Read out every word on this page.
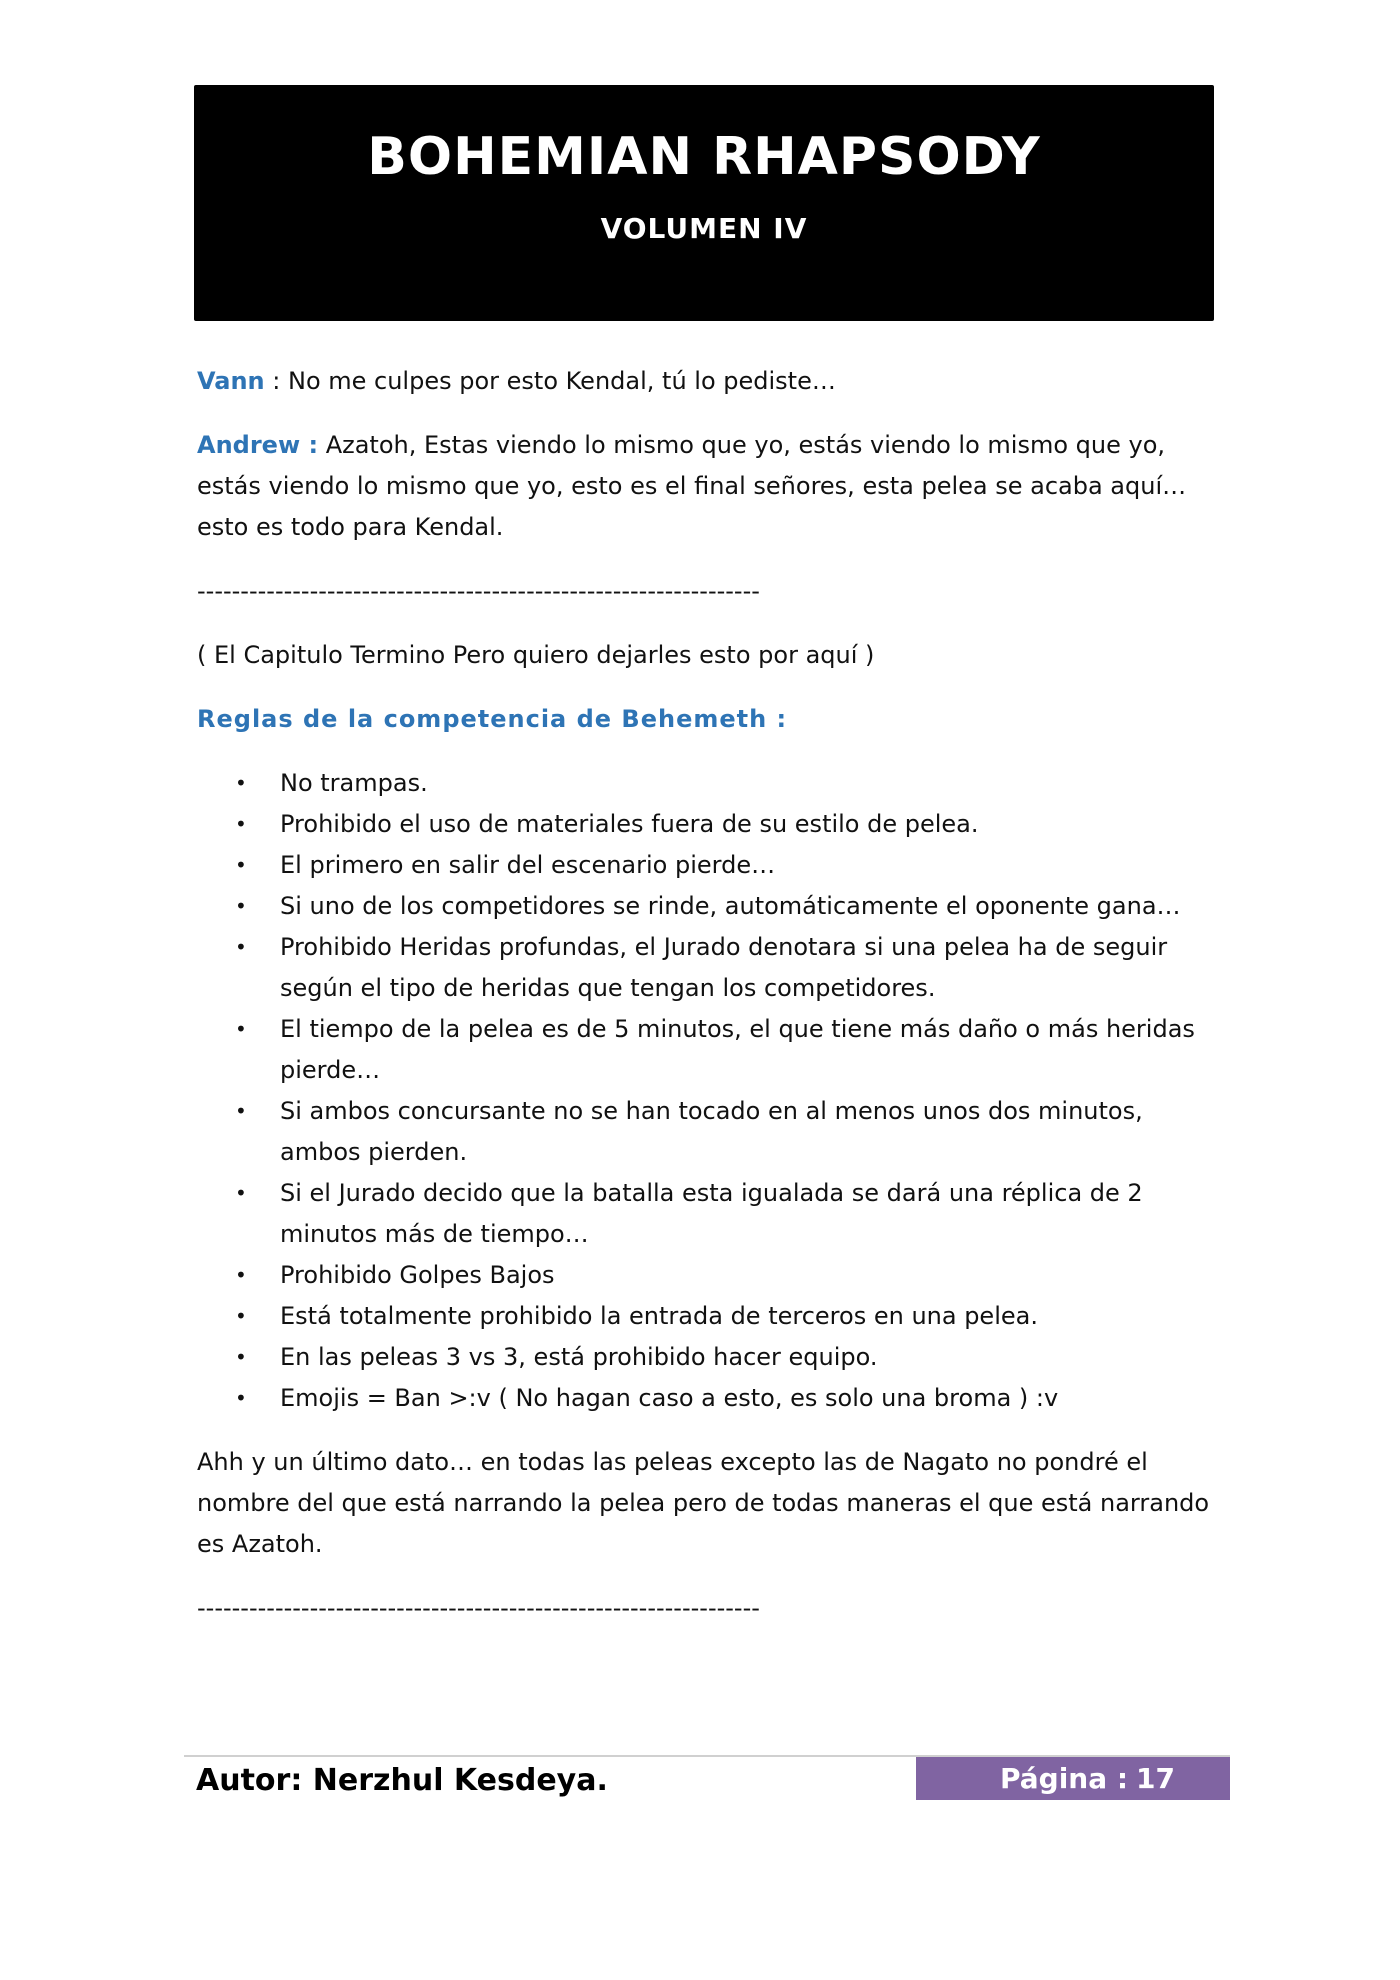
BOHEMIAN RHAPSODY
VOLUMEN IV

Vann : No me culpes por esto Kendal, tú lo pediste…

Andrew : Azatoh, Estas viendo lo mismo que yo, estás viendo lo mismo que yo, estás viendo lo mismo que yo, esto es el final señores, esta pelea se acaba aquí… esto es todo para Kendal.

-----------------------------------------------------------------

( El Capitulo Termino Pero quiero dejarles esto por aquí )

Reglas de la competencia de Behemeth :

• No trampas.
• Prohibido el uso de materiales fuera de su estilo de pelea.
• El primero en salir del escenario pierde…
• Si uno de los competidores se rinde, automáticamente el oponente gana…
• Prohibido Heridas profundas, el Jurado denotara si una pelea ha de seguir según el tipo de heridas que tengan los competidores.
• El tiempo de la pelea es de 5 minutos, el que tiene más daño o más heridas pierde…
• Si ambos concursante no se han tocado en al menos unos dos minutos, ambos pierden.
• Si el Jurado decido que la batalla esta igualada se dará una réplica de 2 minutos más de tiempo…
• Prohibido Golpes Bajos
• Está totalmente prohibido la entrada de terceros en una pelea.
• En las peleas 3 vs 3, está prohibido hacer equipo.
• Emojis = Ban >:v ( No hagan caso a esto, es solo una broma ) :v

Ahh y un último dato… en todas las peleas excepto las de Nagato no pondré el nombre del que está narrando la pelea pero de todas maneras el que está narrando es Azatoh.

-----------------------------------------------------------------
Autor: Nerzhul Kesdeya.	Página : 17
